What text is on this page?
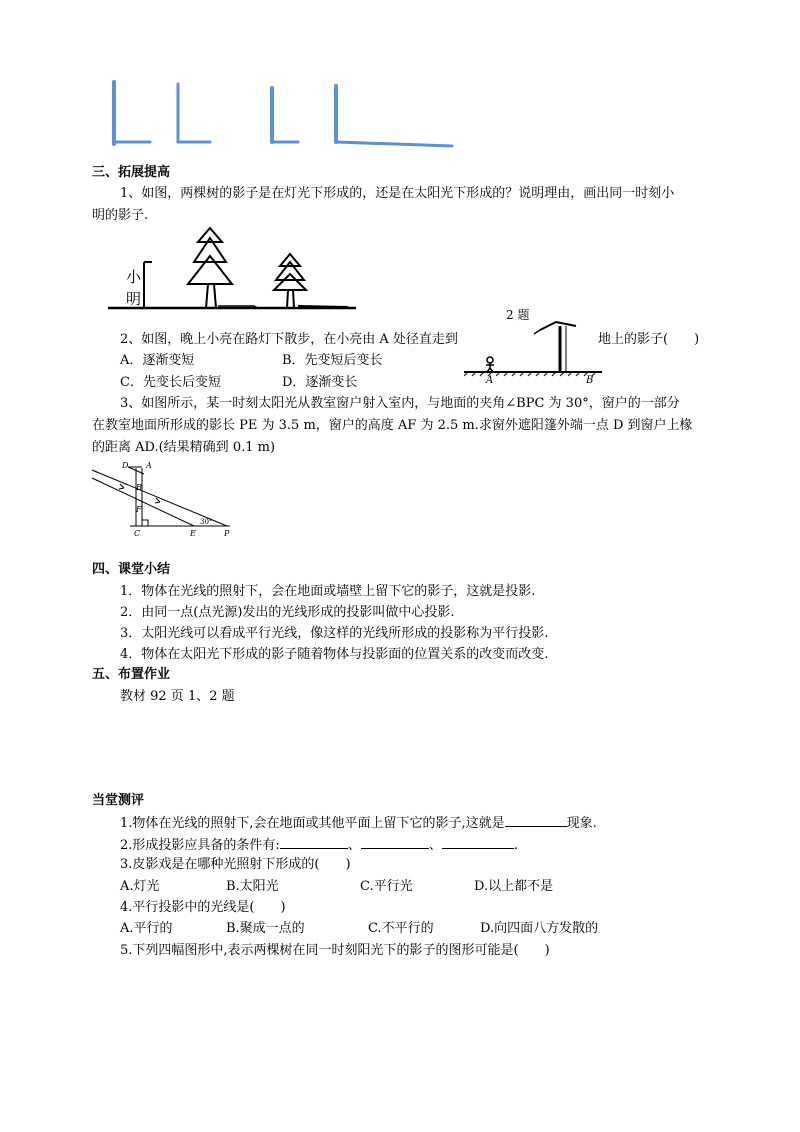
三、拓展提高
1、如图，两棵树的影子是在灯光下形成的，还是在太阳光下形成的？说明理由，画出同一时刻小
明的影子.
小明
2 题
2、如图，晚上小亮在路灯下散步，在小亮由 A 处径直走到	地上的影子(　　)
A	B
A．逐渐变短	B．先变短后变长
C．先变长后变短	D．逐渐变长
3、如图所示，某一时刻太阳光从教室窗户射入室内，与地面的夹角∠BPC 为 30°，窗户的一部分
在教室地面所形成的影长 PE 为 3.5 m，窗户的高度 AF 为 2.5 m.求窗外遮阳篷外端一点 D 到窗户上椽
的距离 AD.(结果精确到 0.1 m)
D A
B
F
C	E	P
30°
四、课堂小结
1．物体在光线的照射下，会在地面或墙壁上留下它的影子，这就是投影.
2．由同一点(点光源)发出的光线形成的投影叫做中心投影.
3．太阳光线可以看成平行光线，像这样的光线所形成的投影称为平行投影.
4．物体在太阳光下形成的影子随着物体与投影面的位置关系的改变而改变.
五、布置作业
教材 92 页 1、2 题
当堂测评
1.物体在光线的照射下,会在地面或其他平面上留下它的影子,这就是	现象.
2.形成投影应具备的条件有:	、	、	.
3.皮影戏是在哪种光照射下形成的(　　)
A.灯光	B.太阳光	C.平行光	D.以上都不是
4.平行投影中的光线是(　　)
A.平行的	B.聚成一点的	C.不平行的	D.向四面八方发散的
5.下列四幅图形中,表示两棵树在同一时刻阳光下的影子的图形可能是(　　)
